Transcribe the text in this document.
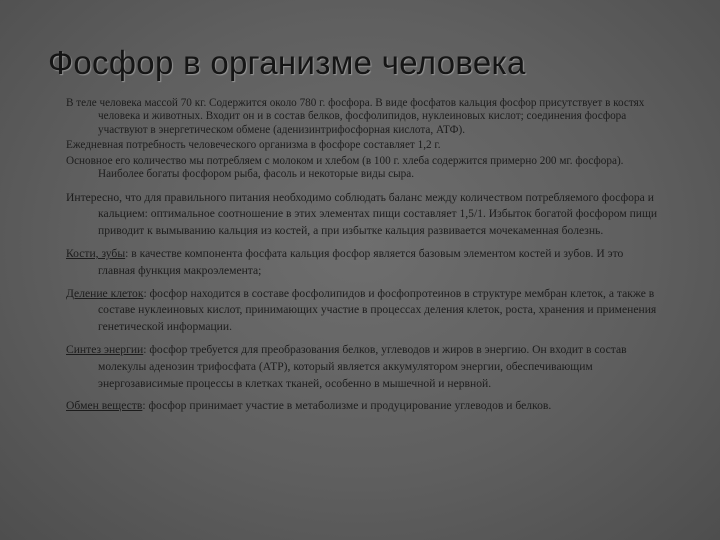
Фосфор в организме человека
В теле человека массой 70 кг. Содержится около 780 г. фосфора. В виде фосфатов кальция фосфор присутствует в костях человека и животных. Входит он и в состав белков, фосфолипидов, нуклеиновых кислот; соединения фосфора участвуют в энергетическом обмене (аденизинтрифосфорная кислота, АТФ).
Ежедневная потребность человеческого организма в фосфоре составляет 1,2 г.
Основное его количество мы потребляем с молоком и хлебом (в 100 г. хлеба содержится примерно 200 мг. фосфора). Наиболее богаты фосфором рыба, фасоль и некоторые виды сыра.
Интересно, что для правильного питания необходимо соблюдать баланс между количеством потребляемого фосфора и кальцием: оптимальное соотношение в этих элементах пищи составляет 1,5/1. Избыток богатой фосфором пищи приводит к вымыванию кальция из костей, а при избытке кальция развивается мочекаменная болезнь.
Кости, зубы: в качестве компонента фосфата кальция фосфор является базовым элементом костей и зубов. И это главная функция макроэлемента;
Деление клеток: фосфор находится в составе фосфолипидов и фосфопротеинов в структуре мембран клеток, а также в составе нуклеиновых кислот, принимающих участие в процессах деления клеток, роста, хранения и применения генетической информации.
Синтез энергии: фосфор требуется для преобразования белков, углеводов и жиров в энергию. Он входит в состав молекулы аденозин трифосфата (АТР), который является аккумулятором энергии, обеспечивающим энергозависимые процессы в клетках тканей, особенно в мышечной и нервной.
Обмен веществ: фосфор принимает участие в метаболизме и продуцирование углеводов и белков.
